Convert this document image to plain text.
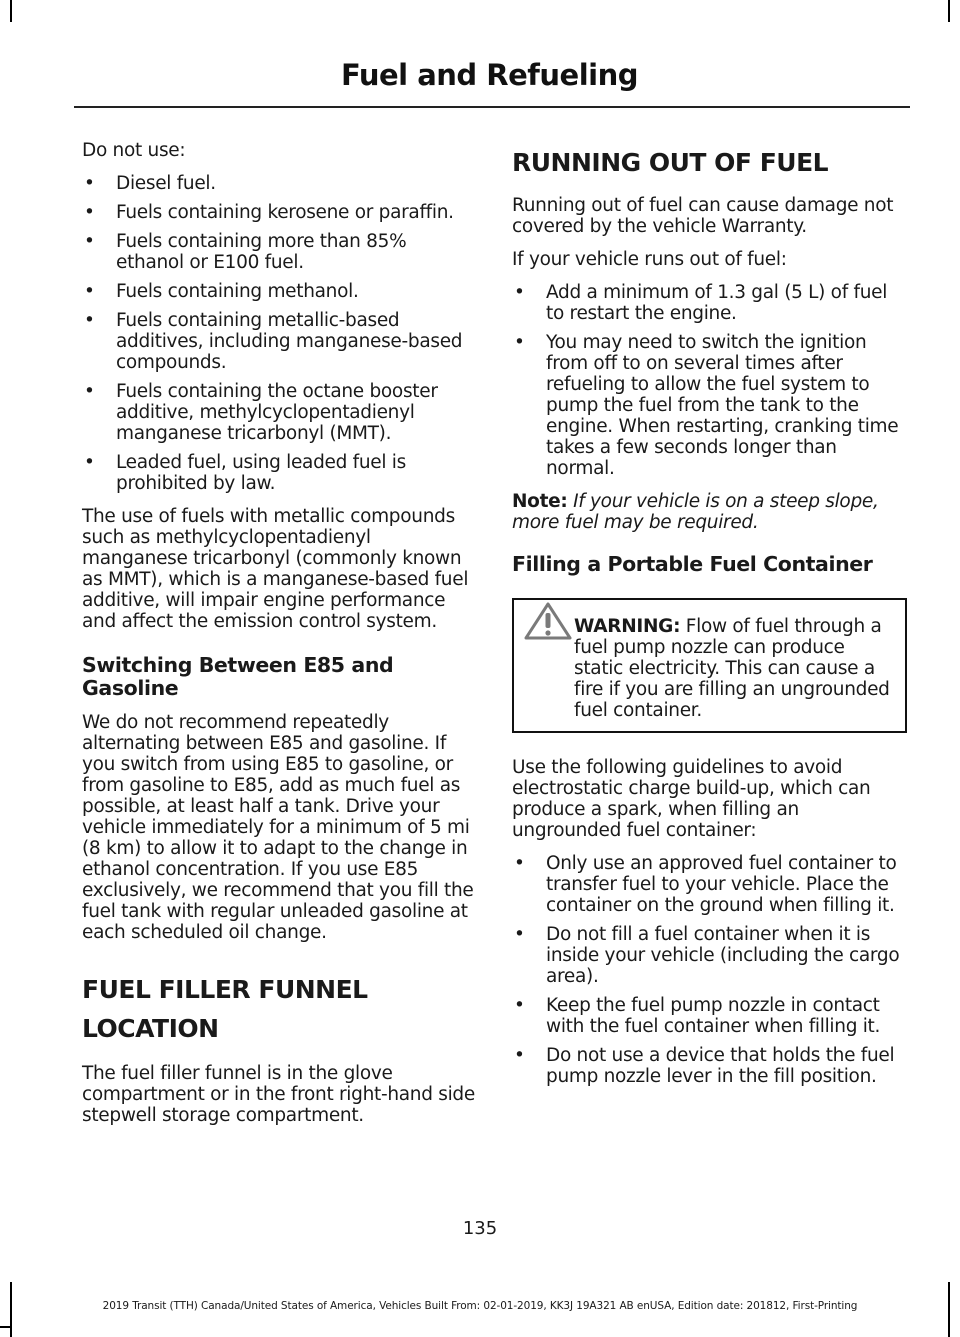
Fuel and Refueling
Do not use:
• Diesel fuel.
• Fuels containing kerosene or paraffin.
• Fuels containing more than 85% ethanol or E100 fuel.
• Fuels containing methanol.
• Fuels containing metallic-based additives, including manganese-based compounds.
• Fuels containing the octane booster additive, methylcyclopentadienyl manganese tricarbonyl (MMT).
• Leaded fuel, using leaded fuel is prohibited by law.
The use of fuels with metallic compounds such as methylcyclopentadienyl manganese tricarbonyl (commonly known as MMT), which is a manganese-based fuel additive, will impair engine performance and affect the emission control system.
Switching Between E85 and Gasoline
We do not recommend repeatedly alternating between E85 and gasoline. If you switch from using E85 to gasoline, or from gasoline to E85, add as much fuel as possible, at least half a tank. Drive your vehicle immediately for a minimum of 5 mi (8 km) to allow it to adapt to the change in ethanol concentration. If you use E85 exclusively, we recommend that you fill the fuel tank with regular unleaded gasoline at each scheduled oil change.
FUEL FILLER FUNNEL
LOCATION
The fuel filler funnel is in the glove compartment or in the front right-hand side stepwell storage compartment.
RUNNING OUT OF FUEL
Running out of fuel can cause damage not covered by the vehicle Warranty.
If your vehicle runs out of fuel:
• Add a minimum of 1.3 gal (5 L) of fuel to restart the engine.
• You may need to switch the ignition from off to on several times after refueling to allow the fuel system to pump the fuel from the tank to the engine. When restarting, cranking time takes a few seconds longer than normal.
Note: If your vehicle is on a steep slope, more fuel may be required.
Filling a Portable Fuel Container
WARNING: Flow of fuel through a fuel pump nozzle can produce static electricity. This can cause a fire if you are filling an ungrounded fuel container.
Use the following guidelines to avoid electrostatic charge build-up, which can produce a spark, when filling an ungrounded fuel container:
• Only use an approved fuel container to transfer fuel to your vehicle. Place the container on the ground when filling it.
• Do not fill a fuel container when it is inside your vehicle (including the cargo area).
• Keep the fuel pump nozzle in contact with the fuel container when filling it.
• Do not use a device that holds the fuel pump nozzle lever in the fill position.
135
2019 Transit (TTH) Canada/United States of America, Vehicles Built From: 02-01-2019, KK3J 19A321 AB enUSA, Edition date: 201812, First-Printing
